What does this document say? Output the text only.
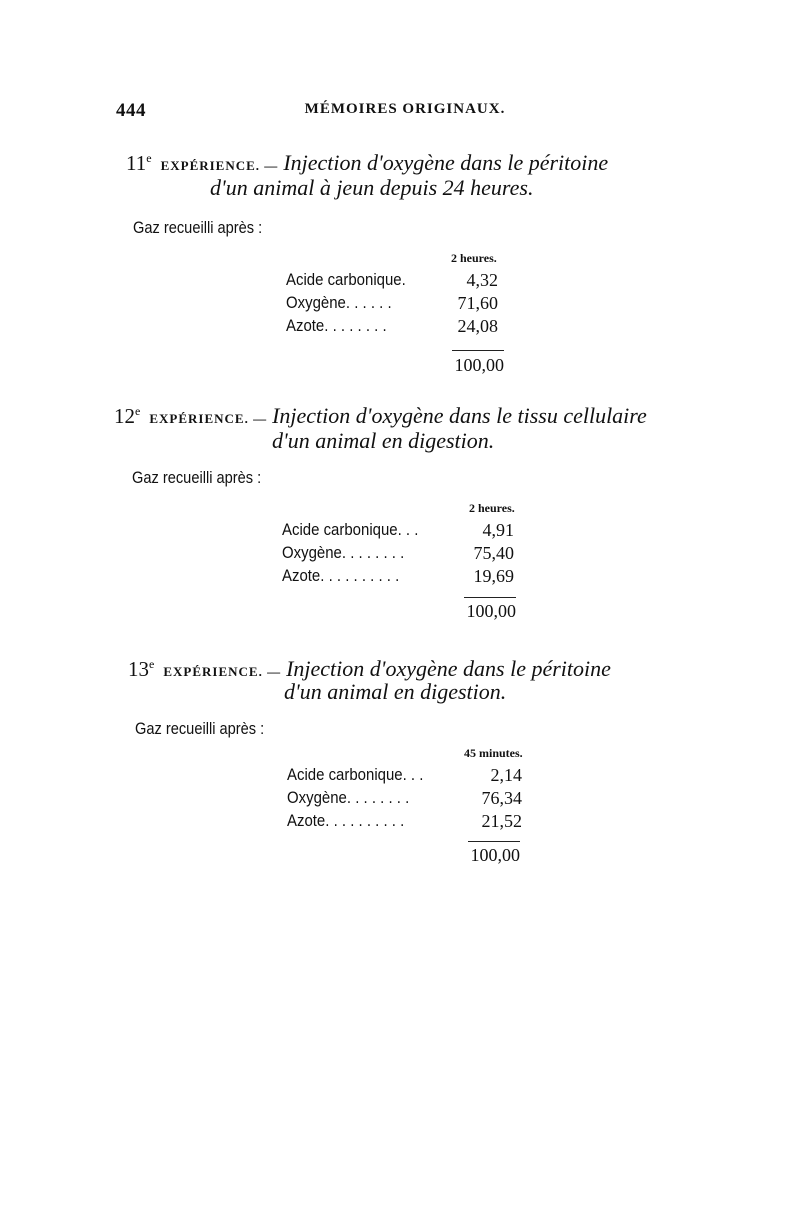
444	MÉMOIRES ORIGINAUX.
11e EXPÉRIENCE. — Injection d'oxygène dans le péritoine
d'un animal à jeun depuis 24 heures.
Gaz recueilli après :
2 heures.
Acide carbonique.	4,32
Oxygène. . . . . .	71,60
Azote. . . . . . . .	24,08
100,00
12e EXPÉRIENCE. — Injection d'oxygène dans le tissu cellulaire
d'un animal en digestion.
Gaz recueilli après :
2 heures.
Acide carbonique. . .	4,91
Oxygène. . . . . . . .	75,40
Azote. . . . . . . . . .	19,69
100,00
13e EXPÉRIENCE. — Injection d'oxygène dans le péritoine
d'un animal en digestion.
Gaz recueilli après :
45 minutes.
Acide carbonique. . .	2,14
Oxygène. . . . . . . .	76,34
Azote. . . . . . . . . .	21,52
100,00
